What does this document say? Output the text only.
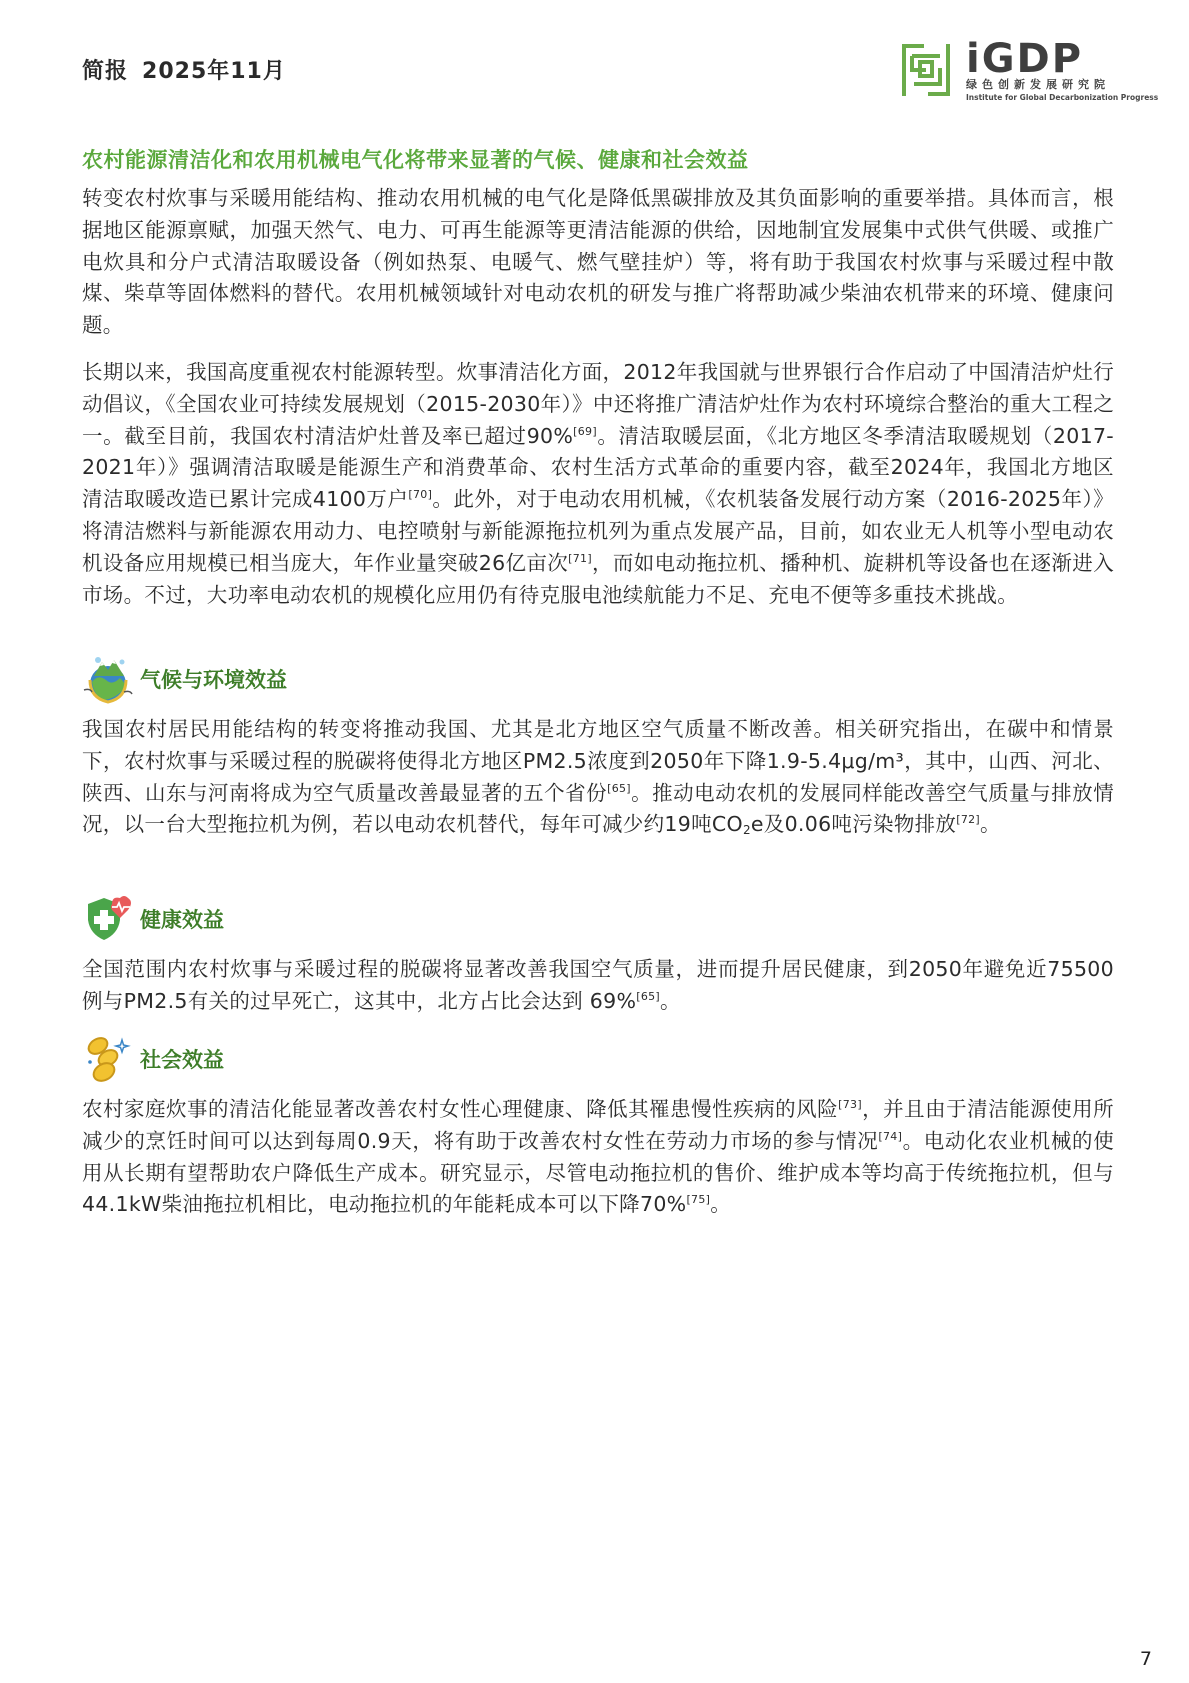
简报 2025年11月	iGDP
绿色创新发展研究院
Institute for Global Decarbonization Progress
农村能源清洁化和农用机械电气化将带来显著的气候、健康和社会效益
转变农村炊事与采暖用能结构、推动农用机械的电气化是降低黑碳排放及其负面影响的重要举措。具体而言，根据地区能源禀赋，加强天然气、电力、可再生能源等更清洁能源的供给，因地制宜发展集中式供气供暖、或推广电炊具和分户式清洁取暖设备（例如热泵、电暖气、燃气壁挂炉）等，将有助于我国农村炊事与采暖过程中散煤、柴草等固体燃料的替代。农用机械领域针对电动农机的研发与推广将帮助减少柴油农机带来的环境、健康问题。
长期以来，我国高度重视农村能源转型。炊事清洁化方面，2012年我国就与世界银行合作启动了中国清洁炉灶行动倡议，《全国农业可持续发展规划（2015-2030年）》中还将推广清洁炉灶作为农村环境综合整治的重大工程之一。截至目前，我国农村清洁炉灶普及率已超过90%[69]。清洁取暖层面，《北方地区冬季清洁取暖规划（2017-2021年）》强调清洁取暖是能源生产和消费革命、农村生活方式革命的重要内容，截至2024年，我国北方地区清洁取暖改造已累计完成4100万户[70]。此外，对于电动农用机械，《农机装备发展行动方案（2016-2025年）》将清洁燃料与新能源农用动力、电控喷射与新能源拖拉机列为重点发展产品，目前，如农业无人机等小型电动农机设备应用规模已相当庞大，年作业量突破26亿亩次[71]，而如电动拖拉机、播种机、旋耕机等设备也在逐渐进入市场。不过，大功率电动农机的规模化应用仍有待克服电池续航能力不足、充电不便等多重技术挑战。
气候与环境效益
我国农村居民用能结构的转变将推动我国、尤其是北方地区空气质量不断改善。相关研究指出，在碳中和情景下，农村炊事与采暖过程的脱碳将使得北方地区PM2.5浓度到2050年下降1.9-5.4μg/m³，其中，山西、河北、陕西、山东与河南将成为空气质量改善最显著的五个省份[65]。推动电动农机的发展同样能改善空气质量与排放情况，以一台大型拖拉机为例，若以电动农机替代，每年可减少约19吨$CO_2e$及0.06吨污染物排放[72]。
健康效益
全国范围内农村炊事与采暖过程的脱碳将显著改善我国空气质量，进而提升居民健康，到2050年避免近75500例与PM2.5有关的过早死亡，这其中，北方占比会达到 69%[65]。
社会效益
农村家庭炊事的清洁化能显著改善农村女性心理健康、降低其罹患慢性疾病的风险[73]，并且由于清洁能源使用所减少的烹饪时间可以达到每周0.9天，将有助于改善农村女性在劳动力市场的参与情况[74]。电动化农业机械的使用从长期有望帮助农户降低生产成本。研究显示，尽管电动拖拉机的售价、维护成本等均高于传统拖拉机，但与44.1kW柴油拖拉机相比，电动拖拉机的年能耗成本可以下降70%[75]。
7
